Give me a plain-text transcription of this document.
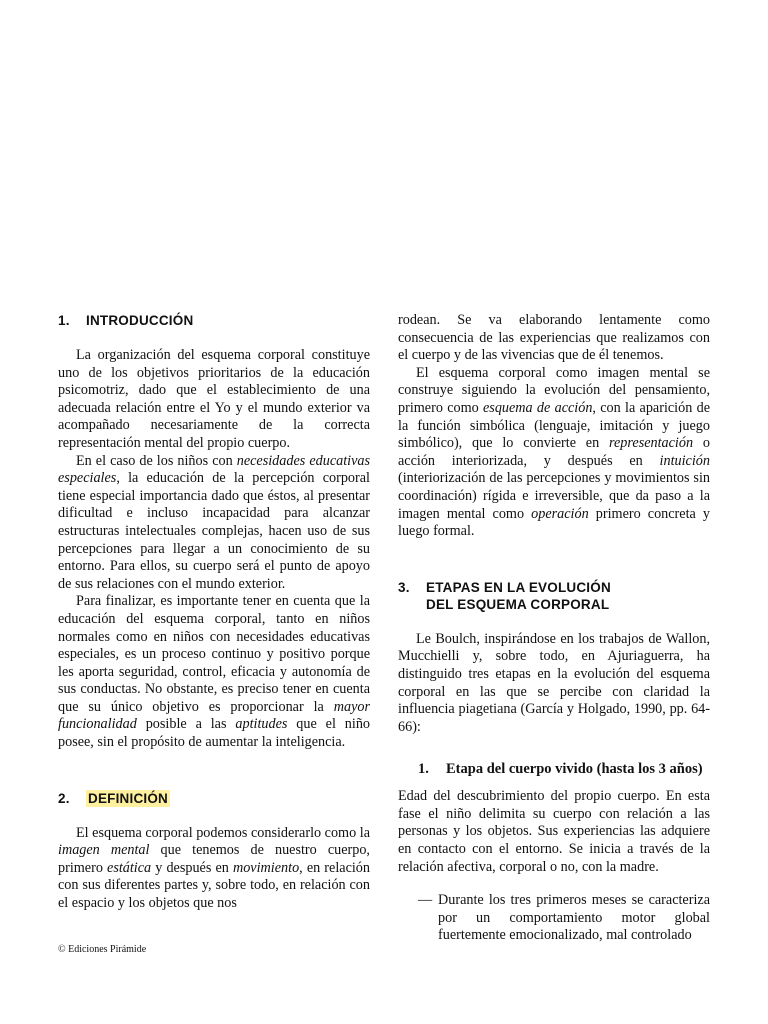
1.	INTRODUCCIÓN

La organización del esquema corporal constituye uno de los objetivos prioritarios de la educación psicomotriz, dado que el establecimiento de una adecuada relación entre el Yo y el mundo exterior va acompañado necesariamente de la correcta representación mental del propio cuerpo.

En el caso de los niños con necesidades educativas especiales, la educación de la percepción corporal tiene especial importancia dado que éstos, al presentar dificultad e incluso incapacidad para alcanzar estructuras intelectuales complejas, hacen uso de sus percepciones para llegar a un conocimiento de su entorno. Para ellos, su cuerpo será el punto de apoyo de sus relaciones con el mundo exterior.

Para finalizar, es importante tener en cuenta que la educación del esquema corporal, tanto en niños normales como en niños con necesidades educativas especiales, es un proceso continuo y positivo porque les aporta seguridad, control, eficacia y autonomía de sus conductas. No obstante, es preciso tener en cuenta que su único objetivo es proporcionar la mayor funcionalidad posible a las aptitudes que el niño posee, sin el propósito de aumentar la inteligencia.

2.	DEFINICIÓN

El esquema corporal podemos considerarlo como la imagen mental que tenemos de nuestro cuerpo, primero estática y después en movimiento, en relación con sus diferentes partes y, sobre todo, en relación con el espacio y los objetos que nos

rodean. Se va elaborando lentamente como consecuencia de las experiencias que realizamos con el cuerpo y de las vivencias que de él tenemos.

El esquema corporal como imagen mental se construye siguiendo la evolución del pensamiento, primero como esquema de acción, con la aparición de la función simbólica (lenguaje, imitación y juego simbólico), que lo convierte en representación o acción interiorizada, y después en intuición (interiorización de las percepciones y movimientos sin coordinación) rígida e irreversible, que da paso a la imagen mental como operación primero concreta y luego formal.

3.	ETAPAS EN LA EVOLUCIÓN
DEL ESQUEMA CORPORAL

Le Boulch, inspirándose en los trabajos de Wallon, Mucchielli y, sobre todo, en Ajuriaguerra, ha distinguido tres etapas en la evolución del esquema corporal en las que se percibe con claridad la influencia piagetiana (García y Holgado, 1990, pp. 64-66):

1.	Etapa del cuerpo vivido (hasta los 3 años)

Edad del descubrimiento del propio cuerpo. En esta fase el niño delimita su cuerpo con relación a las personas y los objetos. Sus experiencias las adquiere en contacto con el entorno. Se inicia a través de la relación afectiva, corporal o no, con la madre.

— Durante los tres primeros meses se caracteriza por un comportamiento motor global fuertemente emocionalizado, mal controlado
© Ediciones Pirámide
